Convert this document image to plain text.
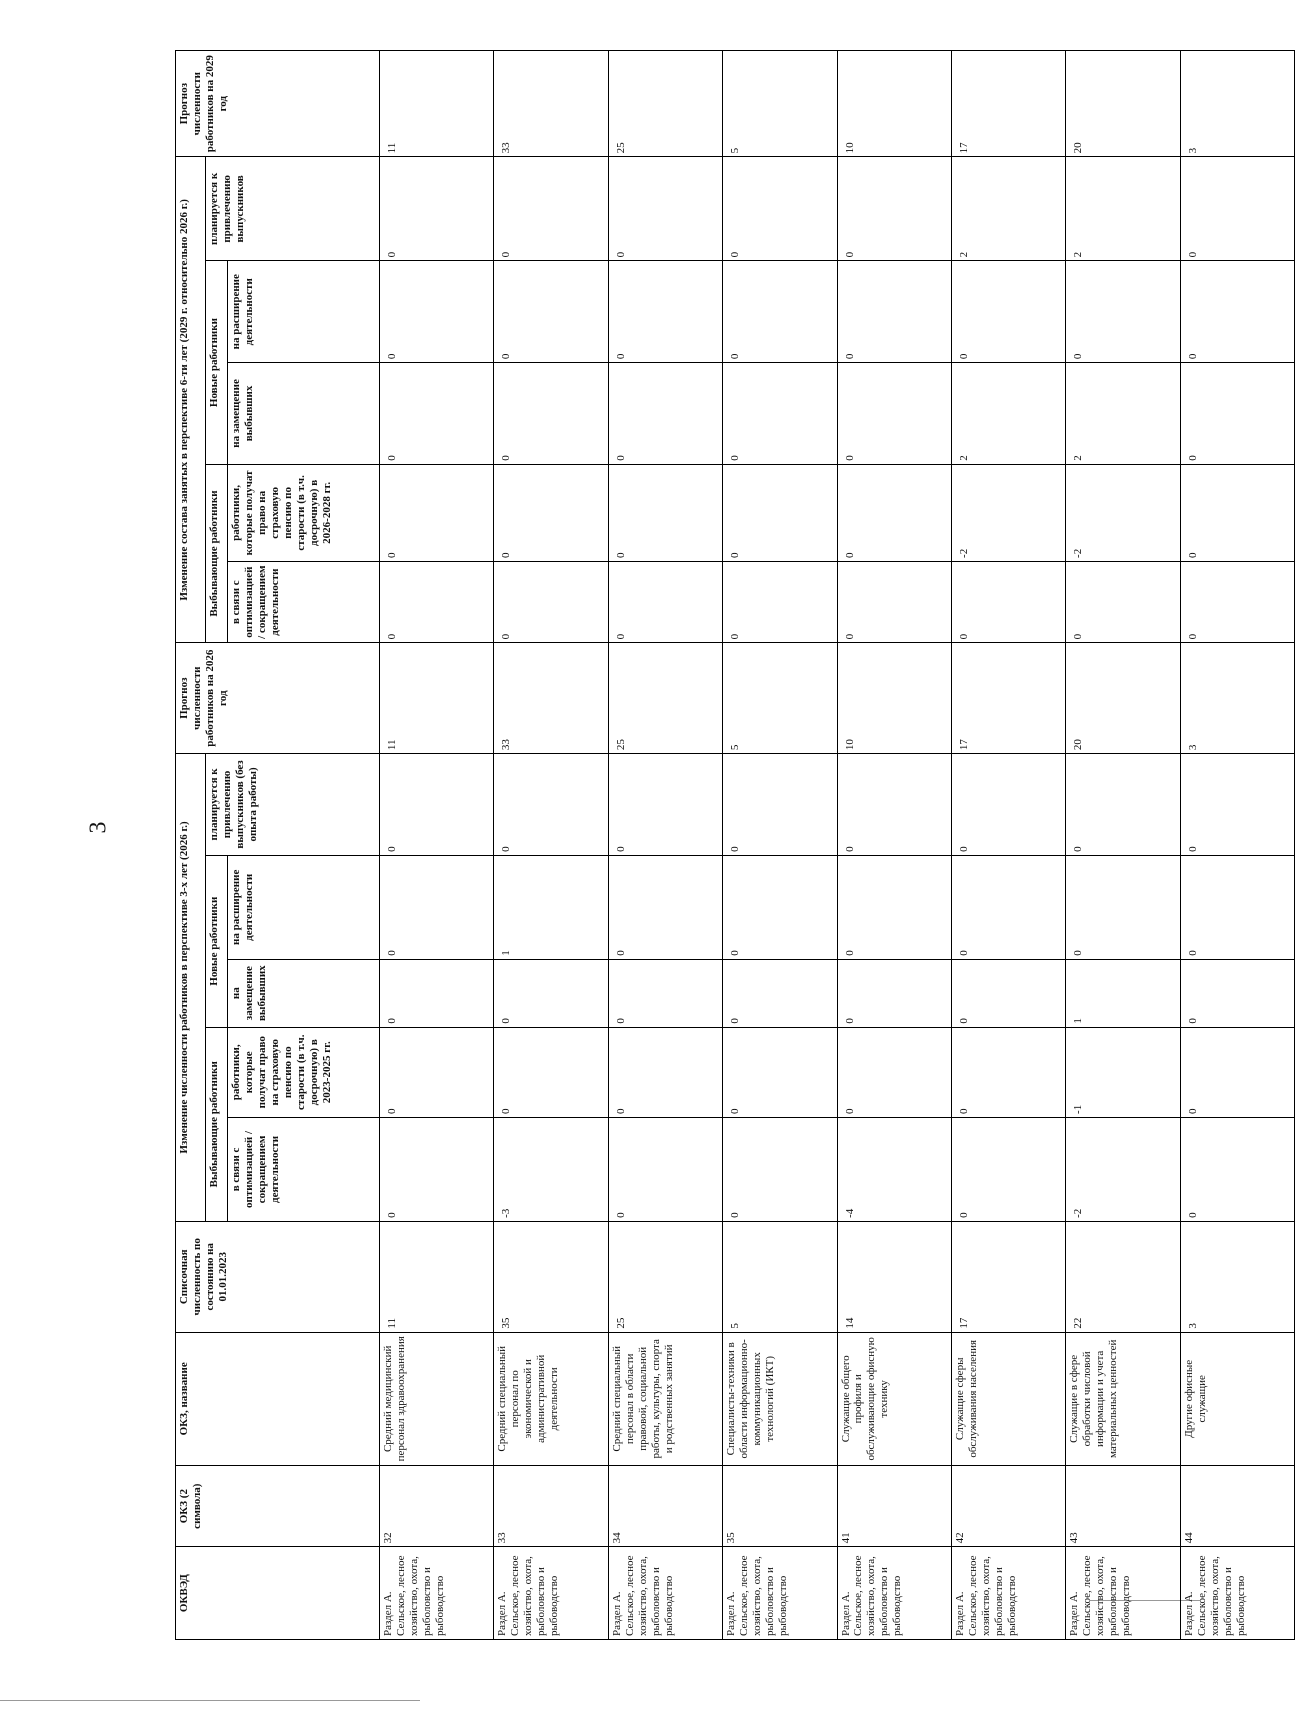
3
ОКВЭД	ОКЗ (2 символа)	ОКЗ, название	Списочная численность по состоянию на 01.01.2023	Изменение численности работников в перспективе 3-х лет (2026 г.)					Прогноз численности работников на 2026 год	Изменение состава занятых в перспективе 6-ти лет (2029 г. относительно 2026 г.)					Прогноз численности работников на 2029 год
				Выбывающие работники		Новые работники		планируется к привлечению выпускников (без опыта работы)		Выбывающие работники		Новые работники		планируется к привлечению выпускников	
				в связи с оптимизацией / сокращением деятельности	работники, которые получат право на страховую пенсию по старости (в т.ч. досрочную) в 2023-2025 гг.	на замещение выбывших	на расширение деятельности			в связи с оптимизацией / сокращением деятельности	работники, которые получат право на страховую пенсию по старости (в т.ч. досрочную) в 2026-2028 гг.	на замещение выбывших	на расширение деятельности		
Раздел А. Сельское, лесное хозяйство, охота, рыболовство и рыбоводство	32	Средний медицинский персонал здравоохранения	11	0	0	0	0	0	11	0	0	0	0	0	11
Раздел А. Сельское, лесное хозяйство, охота, рыболовство и рыбоводство	33	Средний специальный персонал по экономической и административной деятельности	35	-3	0	0	1	0	33	0	0	0	0	0	33
Раздел А. Сельское, лесное хозяйство, охота, рыболовство и рыбоводство	34	Средний специальный персонал в области правовой, социальной работы, культуры, спорта и родственных занятий	25	0	0	0	0	0	25	0	0	0	0	0	25
Раздел А. Сельское, лесное хозяйство, охота, рыболовство и рыбоводство	35	Специалисты-техники в области информационно-коммуникационных технологий (ИКТ)	5	0	0	0	0	0	5	0	0	0	0	0	5
Раздел А. Сельское, лесное хозяйство, охота, рыболовство и рыбоводство	41	Служащие общего профиля и обслуживающие офисную технику	14	-4	0	0	0	0	10	0	0	0	0	0	10
Раздел А. Сельское, лесное хозяйство, охота, рыболовство и рыбоводство	42	Служащие сферы обслуживания населения	17	0	0	0	0	0	17	0	-2	2	0	2	17
Раздел А. Сельское, лесное хозяйство, охота, рыболовство и рыбоводство	43	Служащие в сфере обработки числовой информации и учета материальных ценностей	22	-2	-1	1	0	0	20	0	-2	2	0	2	20
Раздел А. Сельское, лесное хозяйство, охота, рыболовство и рыбоводство	44	Другие офисные служащие	3	0	0	0	0	0	3	0	0	0	0	0	3
